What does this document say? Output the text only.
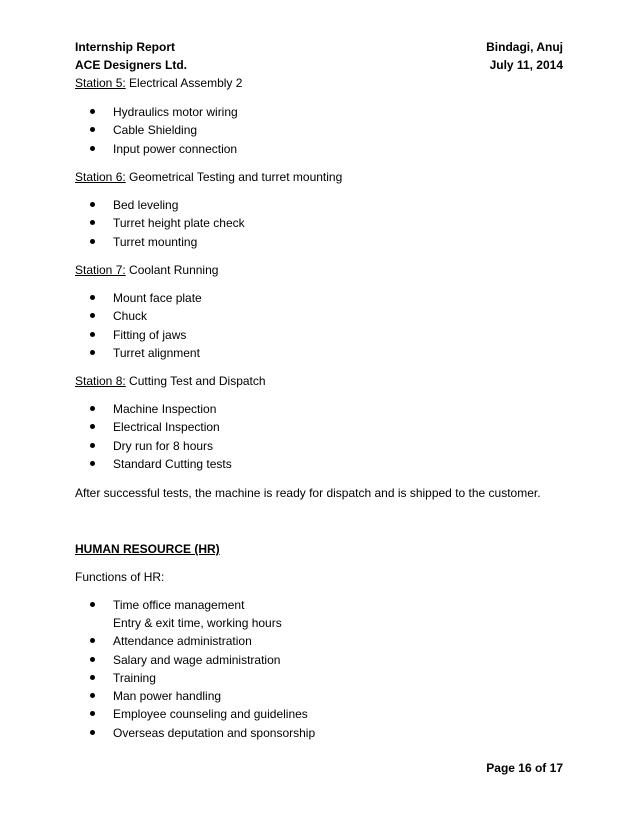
Internship Report
ACE Designers Ltd.
Bindagi, Anuj
July 11, 2014
Station 5: Electrical Assembly 2
Hydraulics motor wiring
Cable Shielding
Input power connection
Station 6: Geometrical Testing and turret mounting
Bed leveling
Turret height plate check
Turret mounting
Station 7: Coolant Running
Mount face plate
Chuck
Fitting of jaws
Turret alignment
Station 8: Cutting Test and Dispatch
Machine Inspection
Electrical Inspection
Dry run for 8 hours
Standard Cutting tests
After successful tests, the machine is ready for dispatch and is shipped to the customer.
HUMAN RESOURCE (HR)
Functions of HR:
Time office management
Entry & exit time, working hours
Attendance administration
Salary and wage administration
Training
Man power handling
Employee counseling and guidelines
Overseas deputation and sponsorship
Page 16 of 17
